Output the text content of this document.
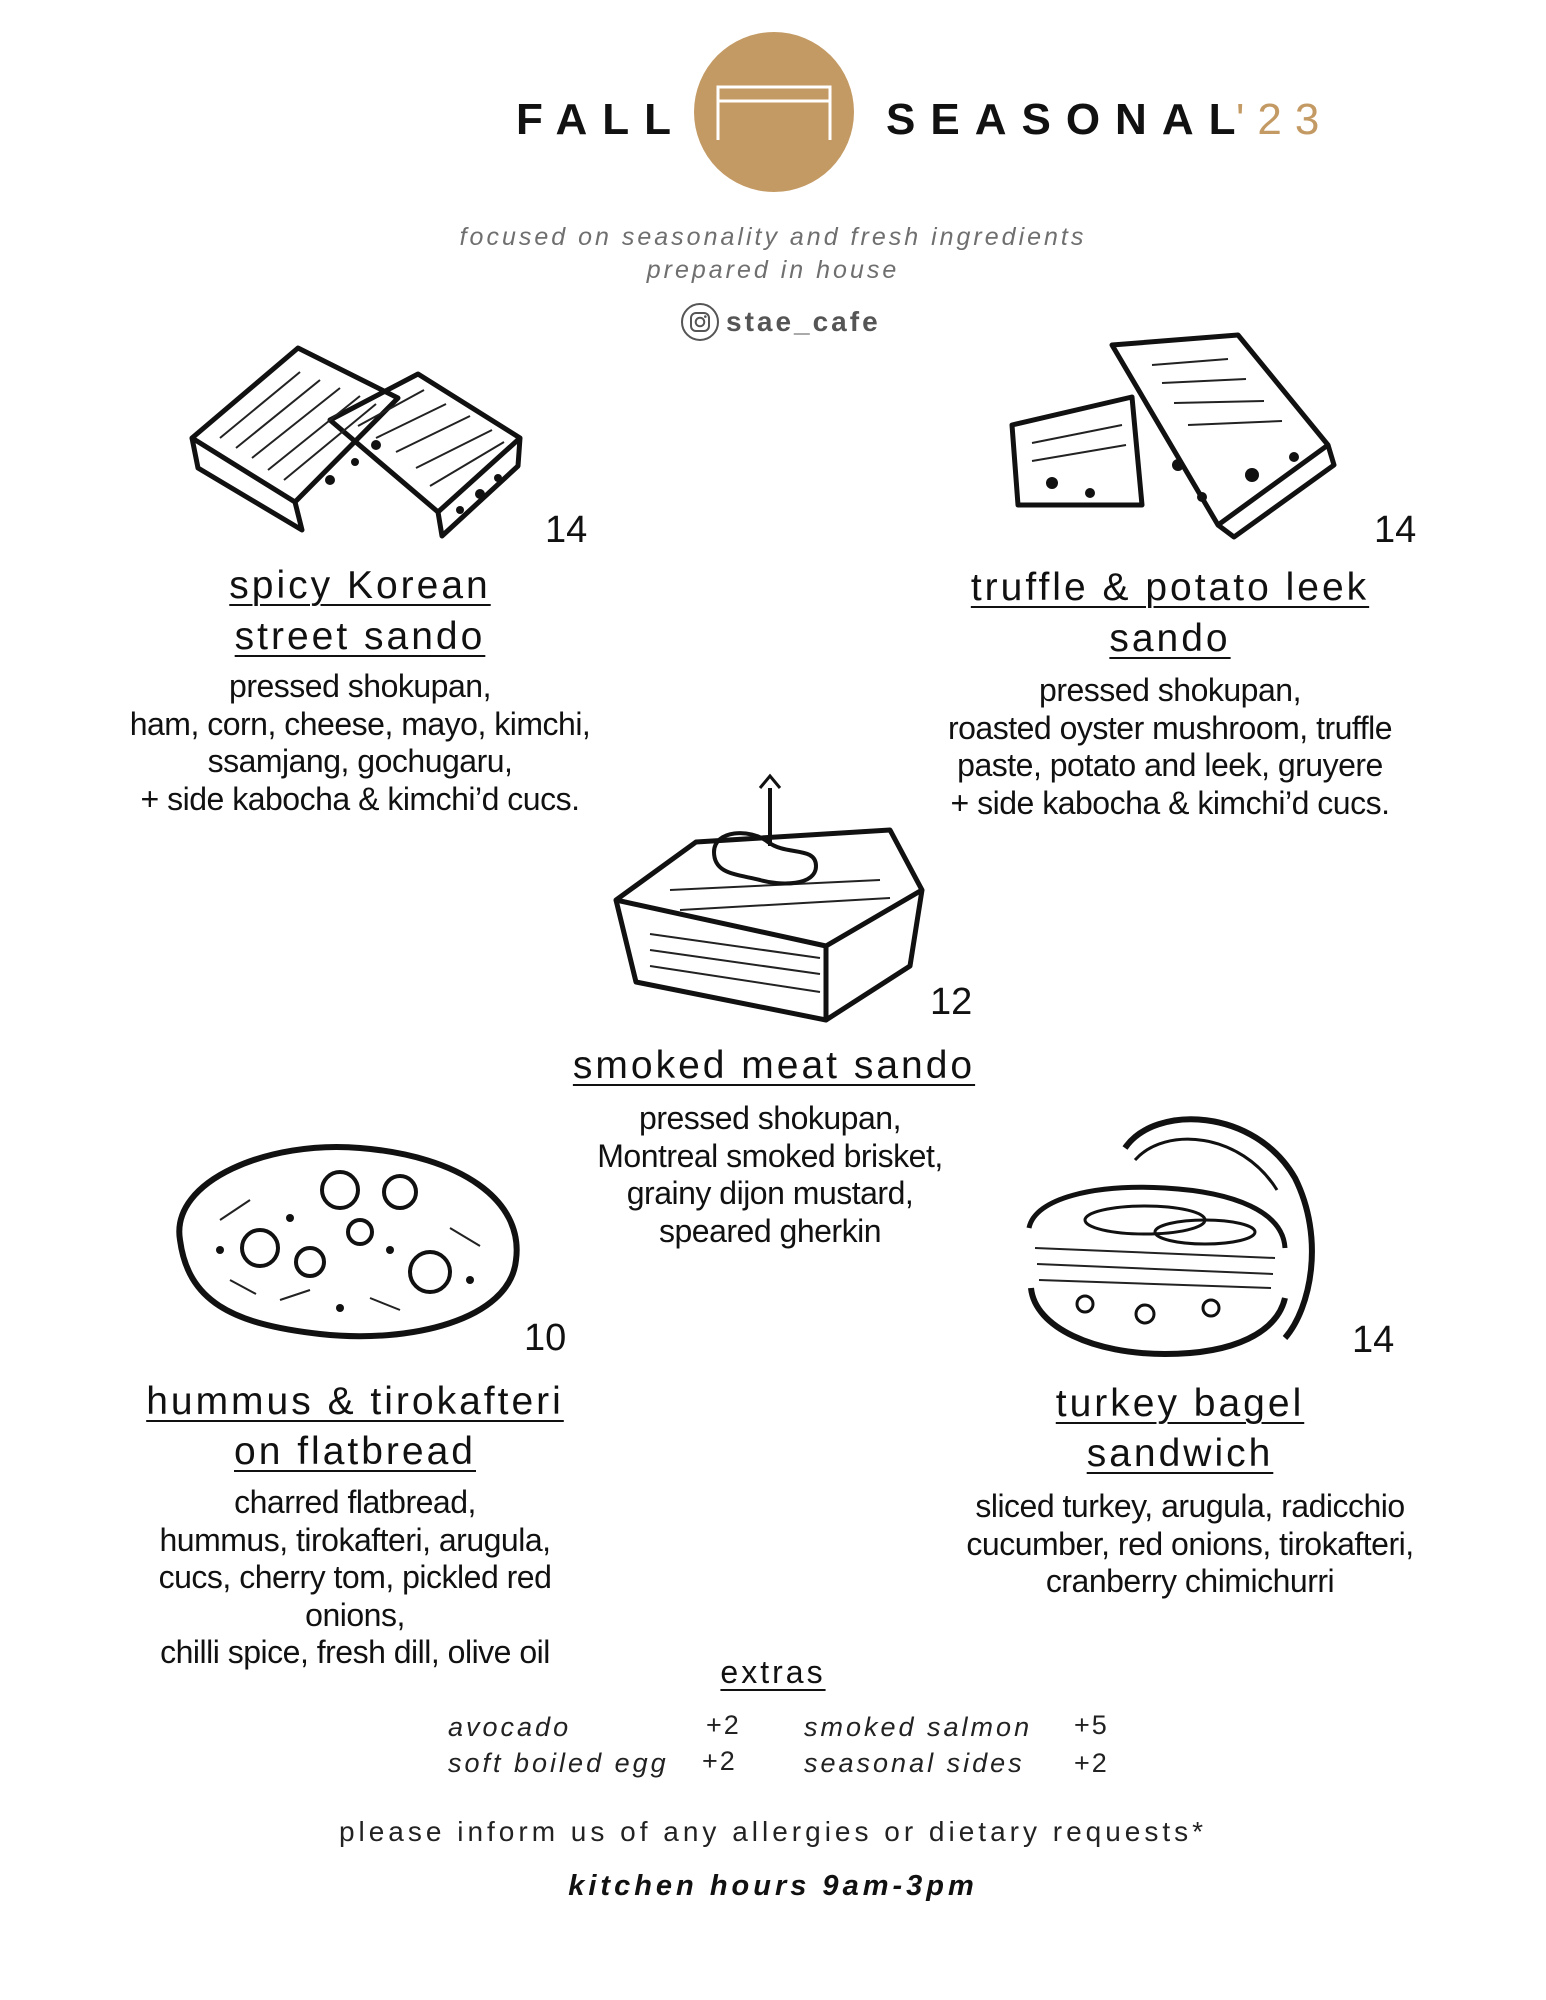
FALL	SEASONAL
'23
focused on seasonality and fresh ingredients
prepared in house
stae_cafe
14
spicy Korean
street sando
pressed shokupan,
ham, corn, cheese, mayo, kimchi,
ssamjang, gochugaru,
+ side kabocha & kimchi’d cucs.
14
truffle & potato leek
sando
pressed shokupan,
roasted oyster mushroom, truffle
paste, potato and leek, gruyere
+ side kabocha & kimchi’d cucs.
12
smoked meat sando
pressed shokupan,
Montreal smoked brisket,
grainy dijon mustard,
speared gherkin
10
hummus & tirokafteri
on flatbread
charred flatbread,
hummus, tirokafteri, arugula,
cucs, cherry tom, pickled red
onions,
chilli spice, fresh dill, olive oil
14
turkey bagel
sandwich
sliced turkey, arugula, radicchio
cucumber, red onions, tirokafteri,
cranberry chimichurri
extras
avocado	+2
soft boiled egg +2
smoked salmon +5
seasonal sides +2
please inform us of any allergies or dietary requests*
kitchen hours 9am-3pm
